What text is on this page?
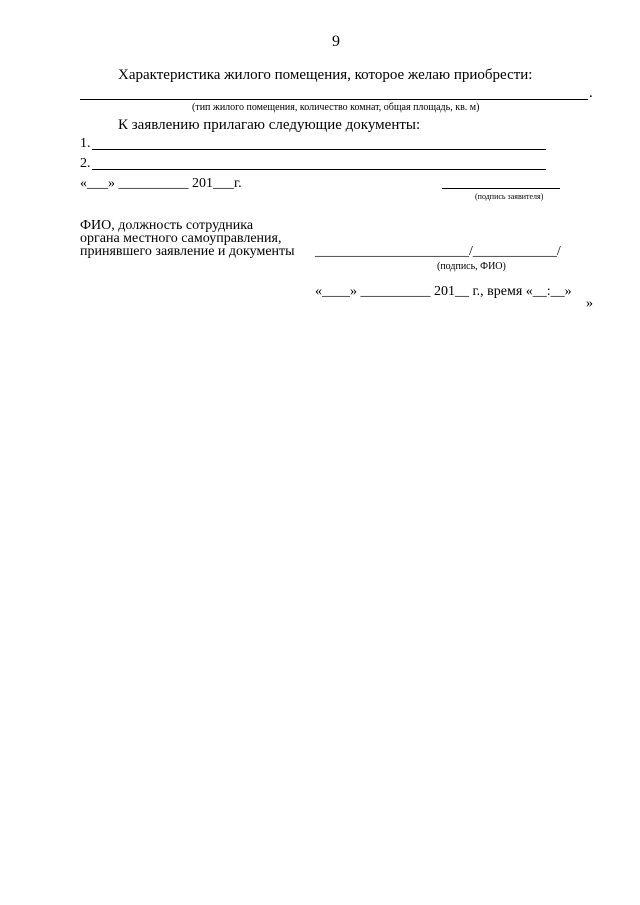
9
Характеристика жилого помещения, которое желаю приобрести:
.
(тип жилого помещения, количество комнат, общая площадь, кв. м)
К заявлению прилагаю следующие документы:
1.
2.
«___» __________ 201___г.
(подпись заявителя)
ФИО, должность сотрудника
органа местного самоуправления,
принявшего заявление и документы ______________________/____________/
(подпись, ФИО)
«____» __________ 201__ г., время «__:__»
»
